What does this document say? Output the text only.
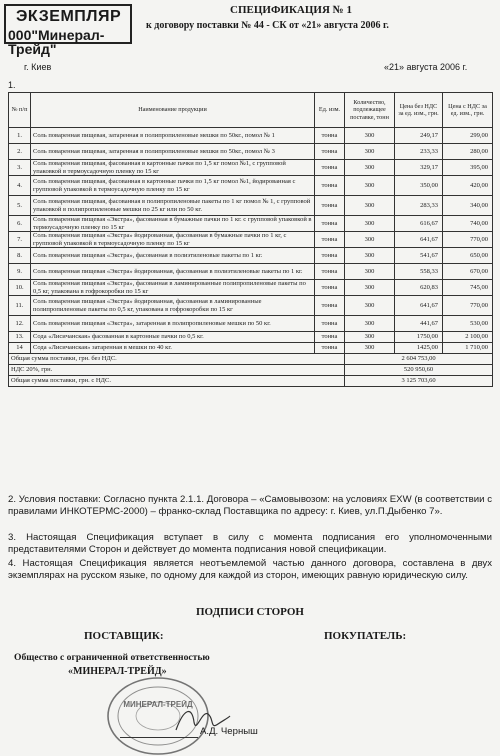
ЭКЗЕМПЛЯР
000"Минерал-Трейд"
СПЕЦИФИКАЦИЯ № 1
к договору поставки № 44 - СК от «21» августа 2006 г.
г. Киев	«21» августа 2006 г.
1.
№ п/п	Наименование продукции	Ед. изм.	Количество, подлежащее поставке, тонн	Цена без НДС за ед. изм., грн.	Цена с НДС за ед. изм., грн.
1.	Соль поваренная пищевая, затаренная в полипропиленовые мешки по 50кг., помол № 1	тонна	300	249,17	299,00
2.	Соль поваренная пищевая, затаренная в полипропиленовые мешки по 50кг., помол № 3	тонна	300	233,33	280,00
3.	Соль поваренная пищевая, фасованная в картонные пачки по 1,5 кг помол №1, с групповой упаковкой в термоусадочную пленку по 15 кг	тонна	300	329,17	395,00
4.	Соль поваренная пищевая, фасованная в картонные пачки по 1,5 кг помол №1, йодированная с групповой упаковкой в термоусадочную пленку по 15 кг	тонна	300	350,00	420,00
5.	Соль поваренная пищевая, фасованная в полипропиленовые пакеты по 1 кг помол № 1, с групповой упаковкой в полипропиленовые мешки по 25 кг или по 50 кг.	тонна	300	283,33	340,00
6.	Соль поваренная пищевая «Экстра», фасованная в бумажные пачки по 1 кг. с групповой упаковкой в термоусадочную пленку по 15 кг	тонна	300	616,67	740,00
7.	Соль поваренная пищевая «Экстра» йодированная, фасованная в бумажные пачки по 1 кг, с групповой упаковкой в термоусадочную пленку по 15 кг	тонна	300	641,67	770,00
8.	Соль поваренная пищевая «Экстра», фасованная в полиэтиленовые пакеты по 1 кг.	тонна	300	541,67	650,00
9.	Соль поваренная пищевая «Экстра» йодированная, фасованная в полиэтиленовые пакеты по 1 кг.	тонна	300	558,33	670,00
10.	Соль поваренная пищевая «Экстра», фасованная в ламинированные полипропиленовые пакеты по 0,5 кг, упакована в гофрокоробки по 15 кг	тонна	300	620,83	745,00
11.	Соль поваренная пищевая «Экстра» йодированная, фасованная в ламинированные полипропиленовые пакеты по 0,5 кг, упакована в гофрокоробки по 15 кг	тонна	300	641,67	770,00
12.	Соль поваренная пищевая «Экстра», затаренная в полипропиленовые мешки по 50 кг.	тонна	300	441,67	530,00
13.	Сода «Лисичанская» фасованная в картонные пачки по 0,5 кг.	тонна	300	1750,00	2 100,00
14	Сода «Лисичанская» затаренная в мешки по 40 кг.	тонна	300	1425,00	1 710,00
Общая сумма поставки, грн. без НДС.			2 604 753,00		
НДС 20%, грн.			520 950,60		
Общая сумма поставки, грн. с НДС.			3 125 703,60		
2. Условия поставки: Согласно пункта 2.1.1. Договора – «Самовывозом: на условиях EXW (в соответствии с правилами ИНКОТЕРМС-2000) – франко-склад Поставщика по адресу: г. Киев, ул.П.Дыбенко 7».
3. Настоящая Спецификация вступает в силу с момента подписания его уполномоченными представителями Сторон и действует до момента подписания новой спецификации.
4. Настоящая Спецификация является неотъемлемой частью данного договора, составлена в двух экземплярах на русском языке, по одному для каждой из сторон, имеющих равную юридическую силу.
ПОДПИСИ СТОРОН
ПОСТАВЩИК:	ПОКУПАТЕЛЬ:
Общество с ограниченной ответственностью
«МИНЕРАЛ-ТРЕЙД»
МИНЕРАЛ-ТРЕЙД
А.Д. Черныш
